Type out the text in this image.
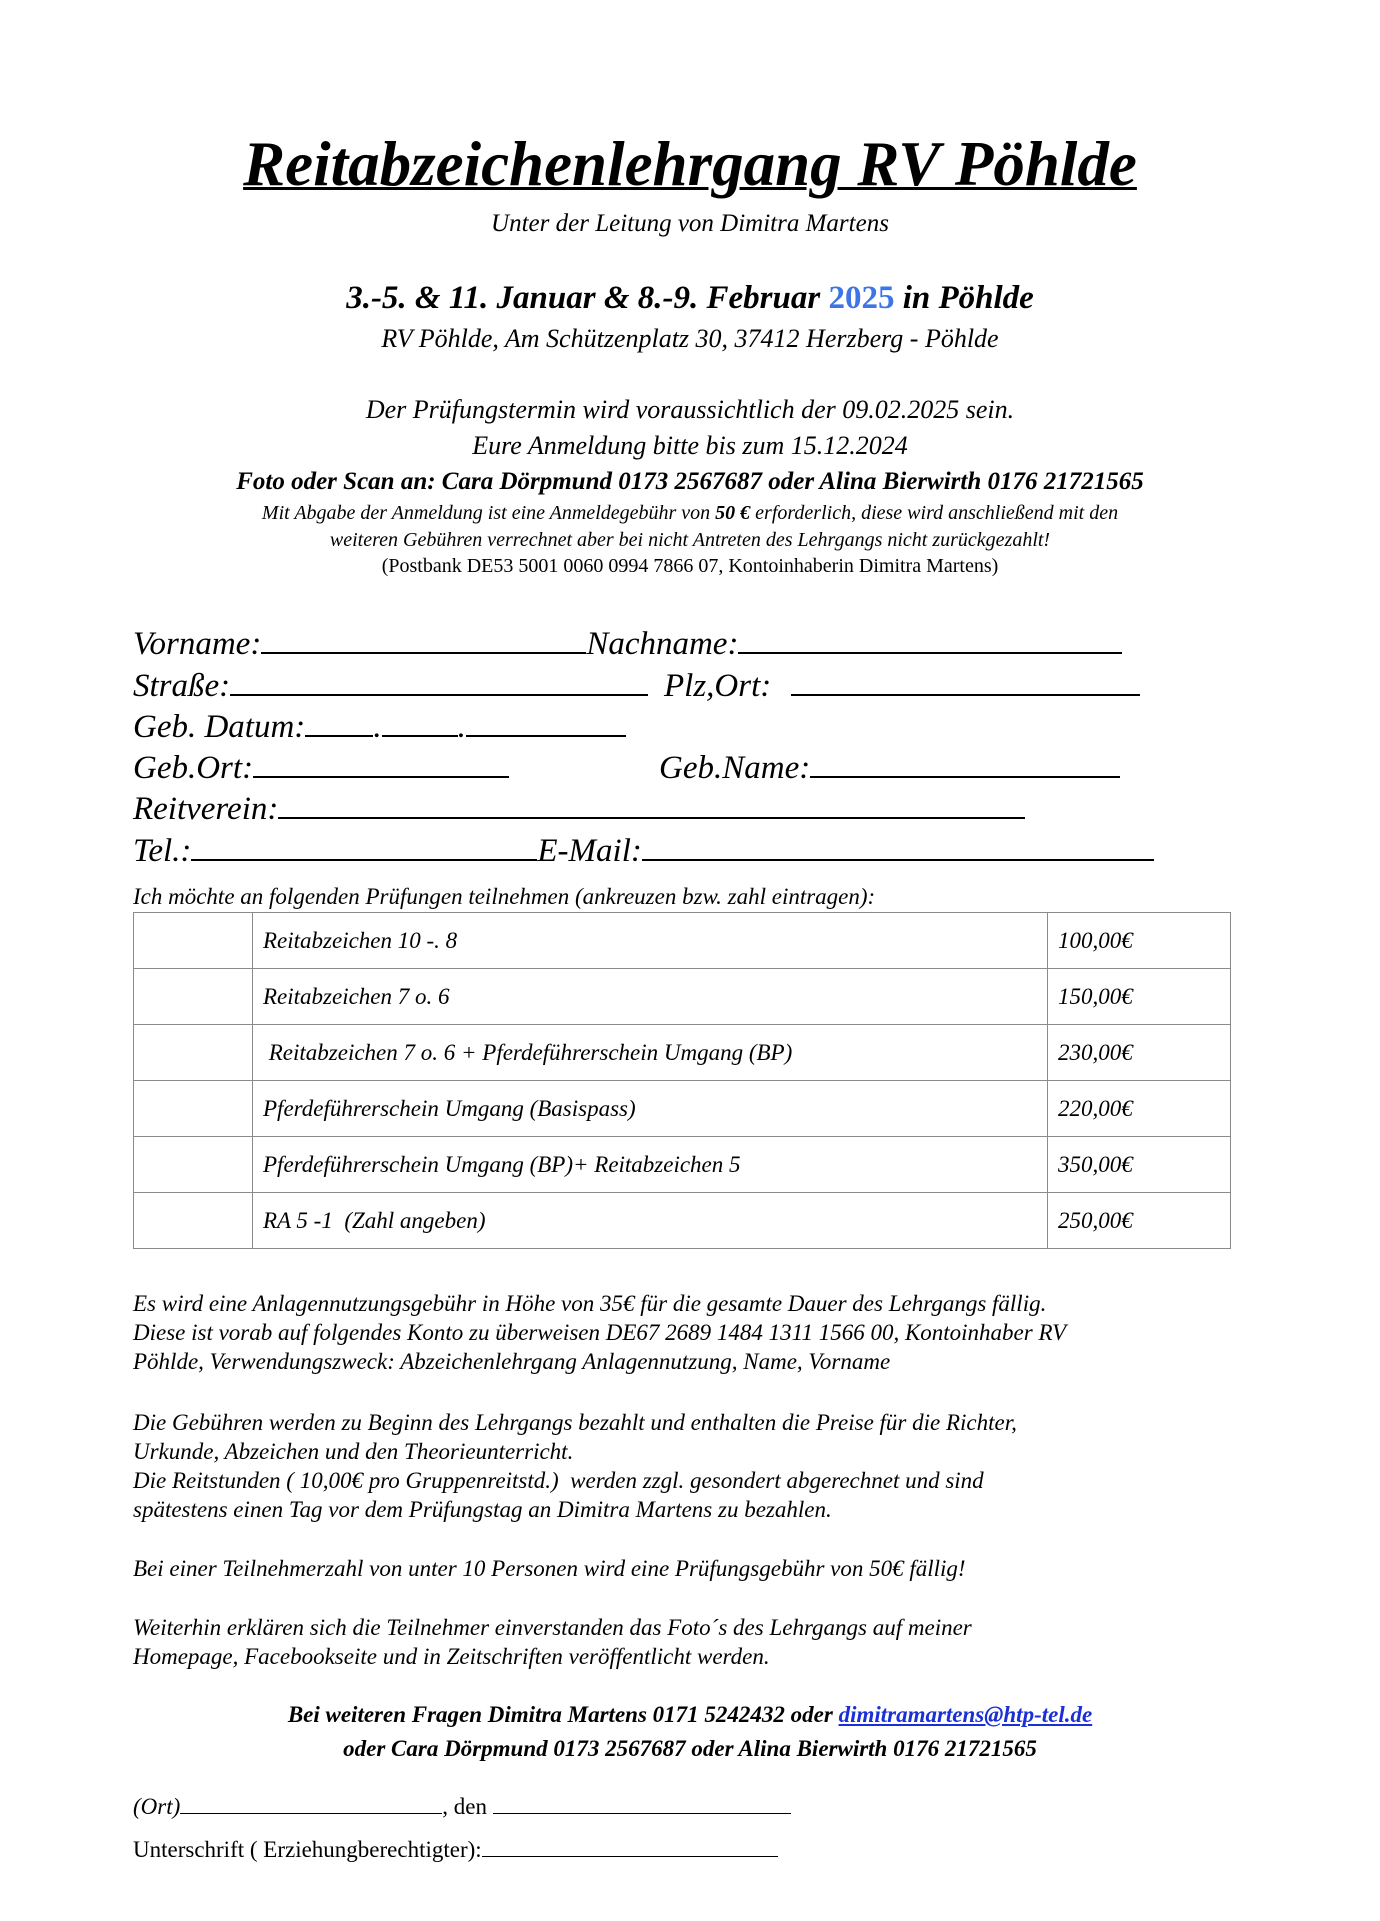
Reitabzeichenlehrgang RV Pöhlde
Unter der Leitung von Dimitra Martens
3.-5. & 11. Januar & 8.-9. Februar 2025 in Pöhlde
RV Pöhlde, Am Schützenplatz 30, 37412 Herzberg - Pöhlde
Der Prüfungstermin wird voraussichtlich der 09.02.2025 sein.
Eure Anmeldung bitte bis zum 15.12.2024
Foto oder Scan an: Cara Dörpmund 0173 2567687 oder Alina Bierwirth 0176 21721565
Mit Abgabe der Anmeldung ist eine Anmeldegebühr von 50 € erforderlich, diese wird anschließend mit den
weiteren Gebühren verrechnet aber bei nicht Antreten des Lehrgangs nicht zurückgezahlt!
(Postbank DE53 5001 0060 0994 7866 07, Kontoinhaberin Dimitra Martens)
Vorname:	Nachname:
Straße:	Plz,Ort:
Geb. Datum: . .
Geb.Ort:	Geb.Name:
Reitverein:
Tel.:	E-Mail:
Ich möchte an folgenden Prüfungen teilnehmen (ankreuzen bzw. zahl eintragen):
	Reitabzeichen 10 -. 8	100,00€
	Reitabzeichen 7 o. 6	150,00€
	Reitabzeichen 7 o. 6 + Pferdeführerschein Umgang (BP)	230,00€
	Pferdeführerschein Umgang (Basispass)	220,00€
	Pferdeführerschein Umgang (BP)+ Reitabzeichen 5	350,00€
	RA 5 -1  (Zahl angeben)	250,00€
Es wird eine Anlagennutzungsgebühr in Höhe von 35€ für die gesamte Dauer des Lehrgangs fällig.
Diese ist vorab auf folgendes Konto zu überweisen DE67 2689 1484 1311 1566 00, Kontoinhaber RV
Pöhlde, Verwendungszweck: Abzeichenlehrgang Anlagennutzung, Name, Vorname
Die Gebühren werden zu Beginn des Lehrgangs bezahlt und enthalten die Preise für die Richter,
Urkunde, Abzeichen und den Theorieunterricht.
Die Reitstunden ( 10,00€ pro Gruppenreitstd.)  werden zzgl. gesondert abgerechnet und sind
spätestens einen Tag vor dem Prüfungstag an Dimitra Martens zu bezahlen.
Bei einer Teilnehmerzahl von unter 10 Personen wird eine Prüfungsgebühr von 50€ fällig!
Weiterhin erklären sich die Teilnehmer einverstanden das Foto´s des Lehrgangs auf meiner
Homepage, Facebookseite und in Zeitschriften veröffentlicht werden.
Bei weiteren Fragen Dimitra Martens 0171 5242432 oder dimitramartens@htp-tel.de
oder Cara Dörpmund 0173 2567687 oder Alina Bierwirth 0176 21721565
(Ort)	, den
Unterschrift ( Erziehungberechtigter):
